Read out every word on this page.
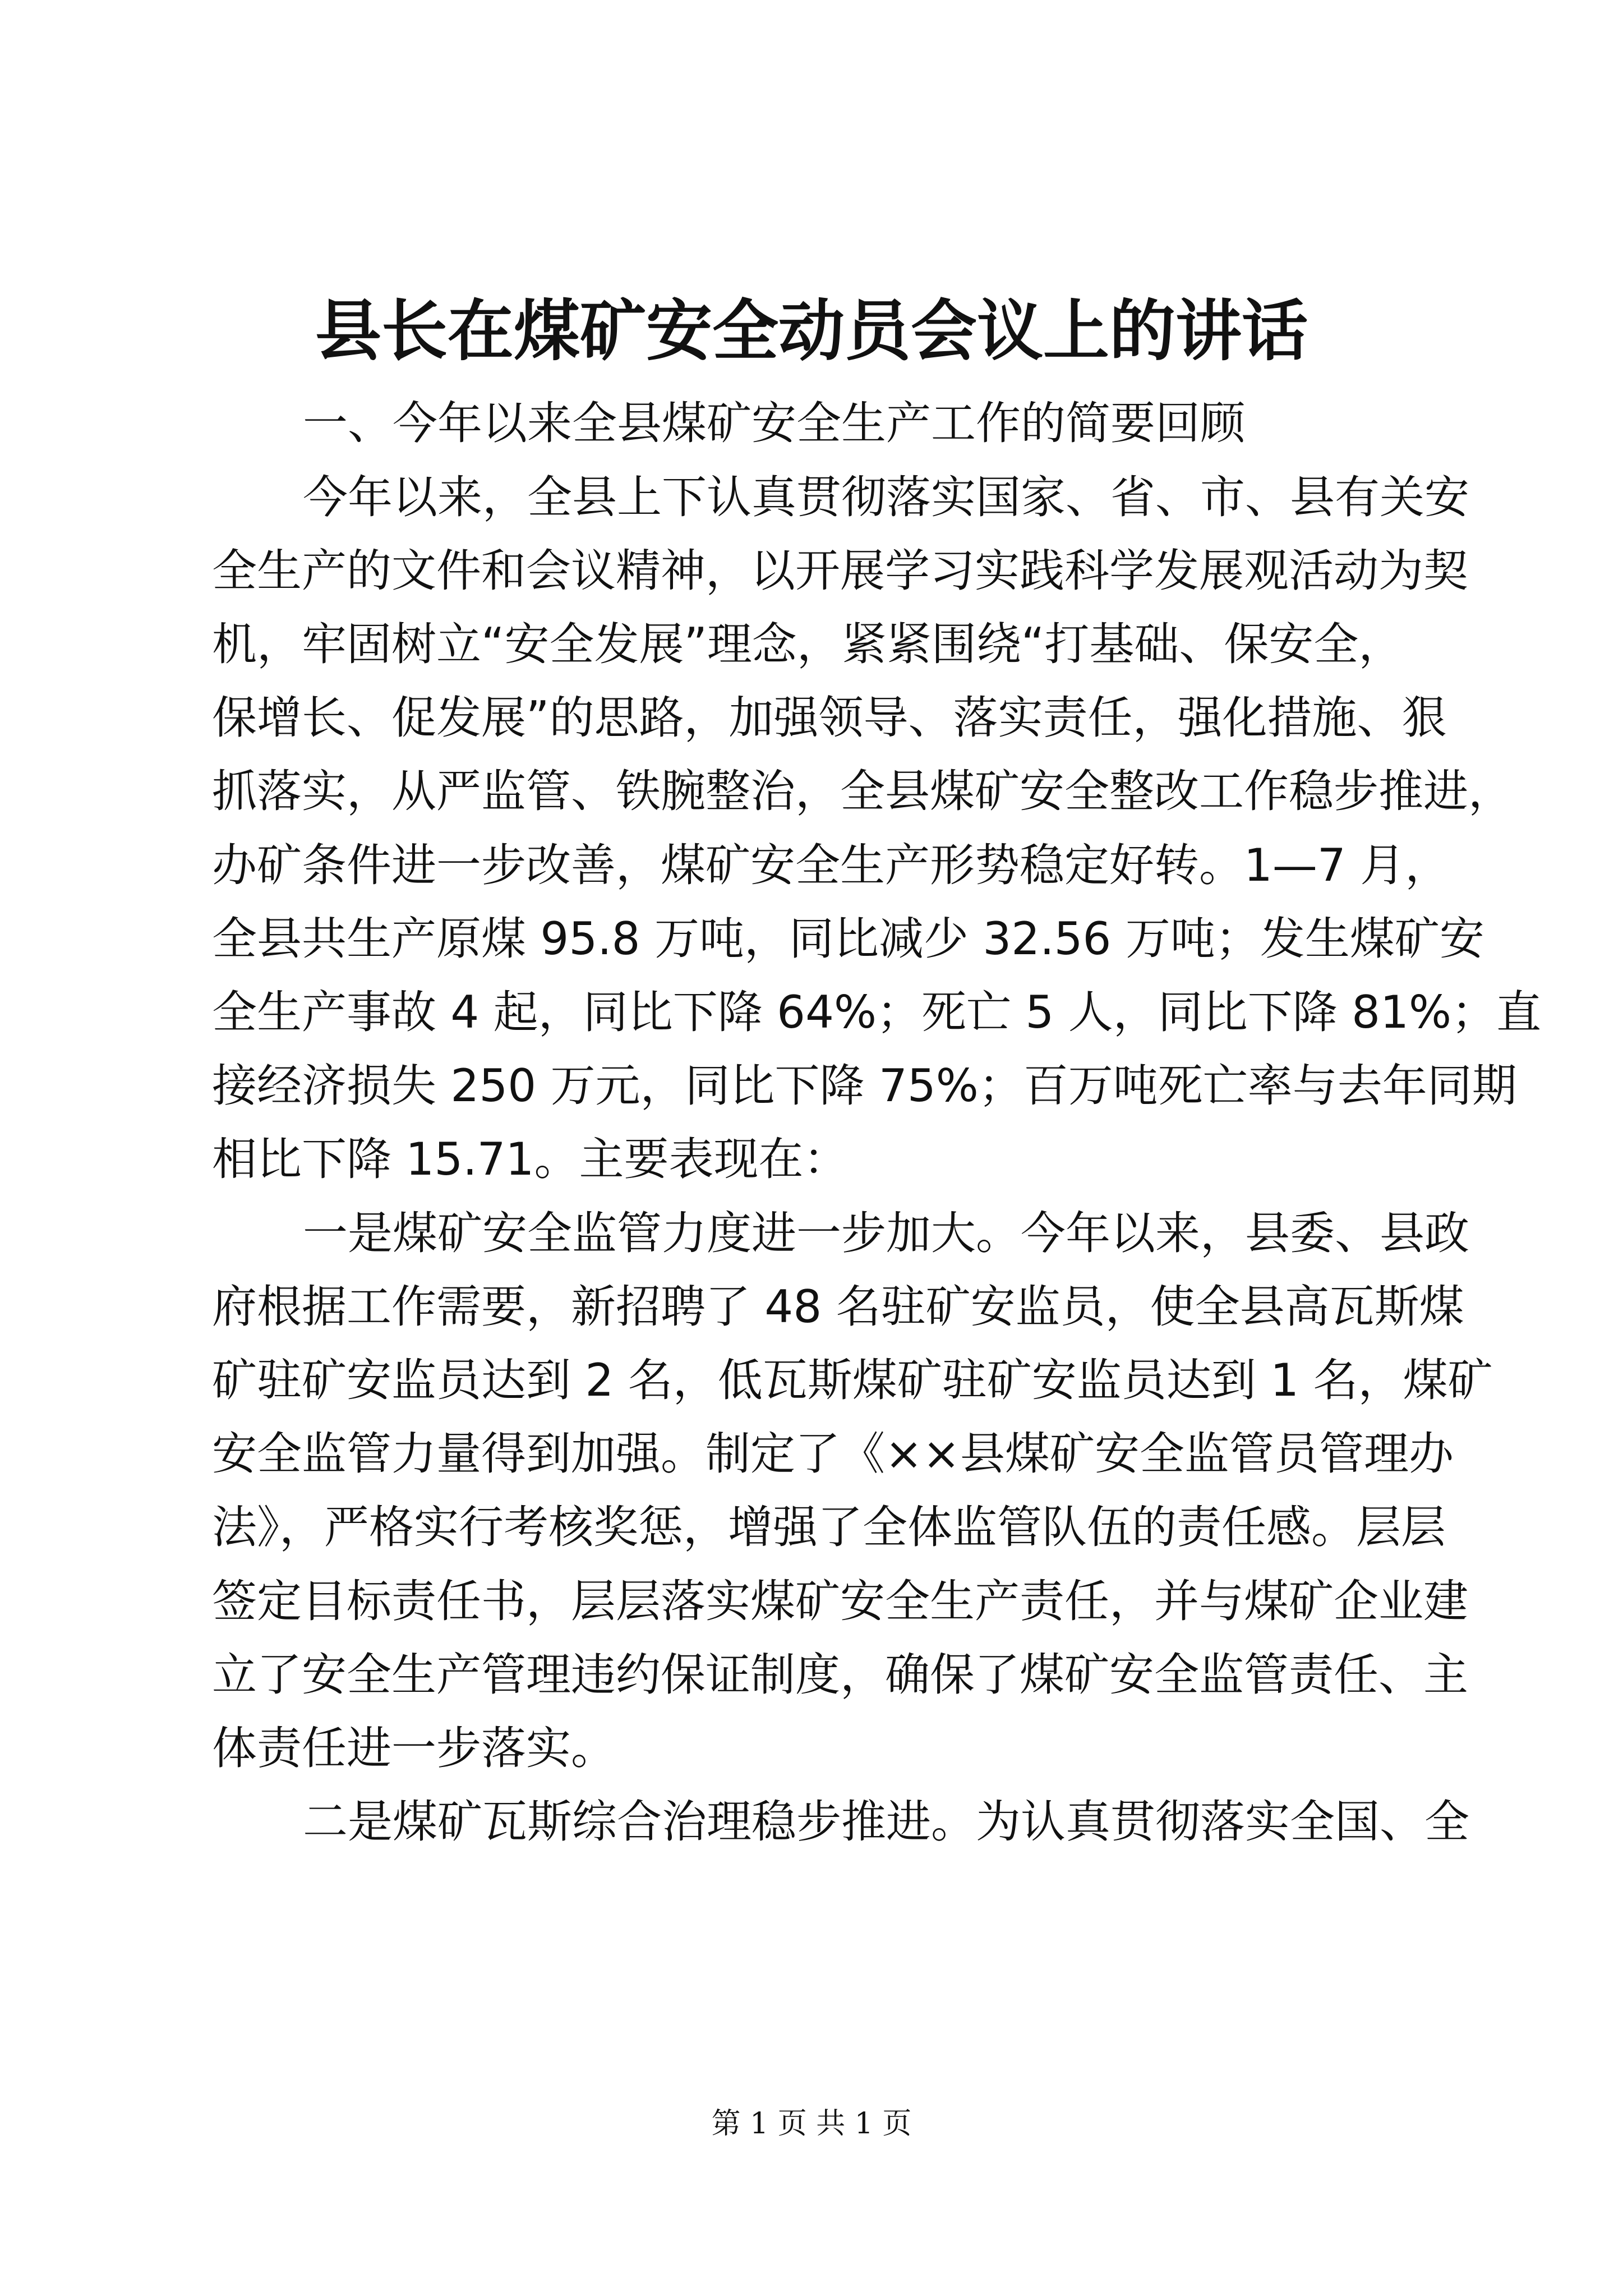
县长在煤矿安全动员会议上的讲话
一、今年以来全县煤矿安全生产工作的简要回顾
今年以来，全县上下认真贯彻落实国家、省、市、县有关安
全生产的文件和会议精神，以开展学习实践科学发展观活动为契
机，牢固树立“安全发展”理念，紧紧围绕“打基础、保安全，
保增长、促发展”的思路，加强领导、落实责任，强化措施、狠
抓落实，从严监管、铁腕整治，全县煤矿安全整改工作稳步推进，
办矿条件进一步改善，煤矿安全生产形势稳定好转。1—7 月，
全县共生产原煤 95.8 万吨，同比减少 32.56 万吨；发生煤矿安
全生产事故 4 起，同比下降 64%；死亡 5 人，同比下降 81%；直
接经济损失 250 万元，同比下降 75%；百万吨死亡率与去年同期
相比下降 15.71。主要表现在：
一是煤矿安全监管力度进一步加大。今年以来，县委、县政
府根据工作需要，新招聘了 48 名驻矿安监员，使全县高瓦斯煤
矿驻矿安监员达到 2 名，低瓦斯煤矿驻矿安监员达到 1 名，煤矿
安全监管力量得到加强。制定了《××县煤矿安全监管员管理办
法》，严格实行考核奖惩，增强了全体监管队伍的责任感。层层
签定目标责任书，层层落实煤矿安全生产责任，并与煤矿企业建
立了安全生产管理违约保证制度，确保了煤矿安全监管责任、主
体责任进一步落实。
二是煤矿瓦斯综合治理稳步推进。为认真贯彻落实全国、全
第 1 页 共 1 页
